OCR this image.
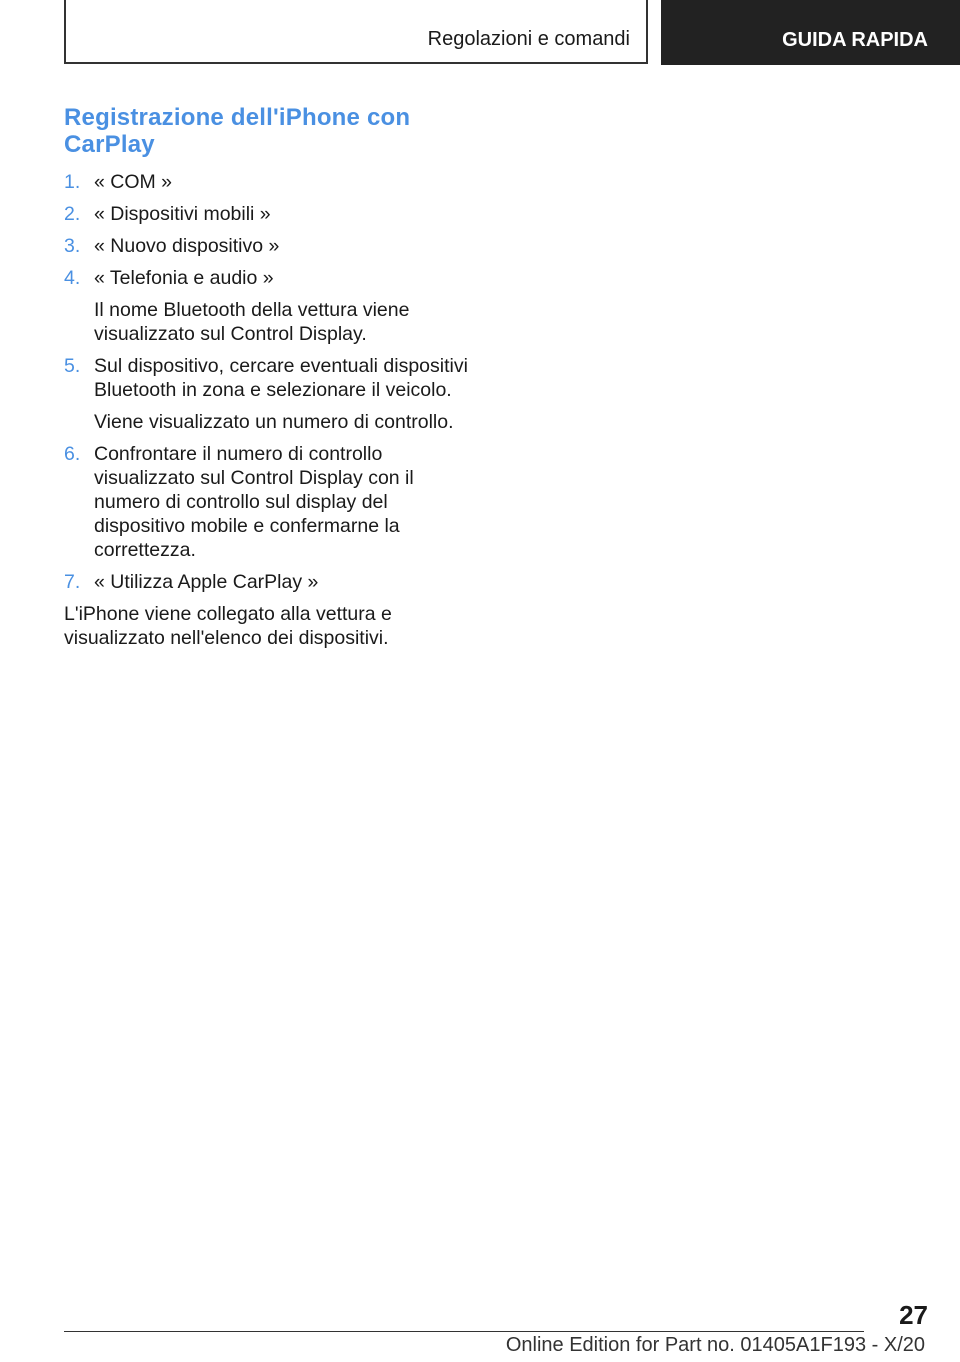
Regolazioni e comandi	GUIDA RAPIDA
Registrazione dell'iPhone con CarPlay
1. « COM »
2. « Dispositivi mobili »
3. « Nuovo dispositivo »
4. « Telefonia e audio »
Il nome Bluetooth della vettura viene visualizzato sul Control Display.
5. Sul dispositivo, cercare eventuali dispositivi Bluetooth in zona e selezionare il veicolo.
Viene visualizzato un numero di controllo.
6. Confrontare il numero di controllo visualizzato sul Control Display con il numero di controllo sul display del dispositivo mobile e confermarne la correttezza.
7. « Utilizza Apple CarPlay »

L'iPhone viene collegato alla vettura e visualizzato nell'elenco dei dispositivi.

27
Online Edition for Part no. 01405A1F193 - X/20
